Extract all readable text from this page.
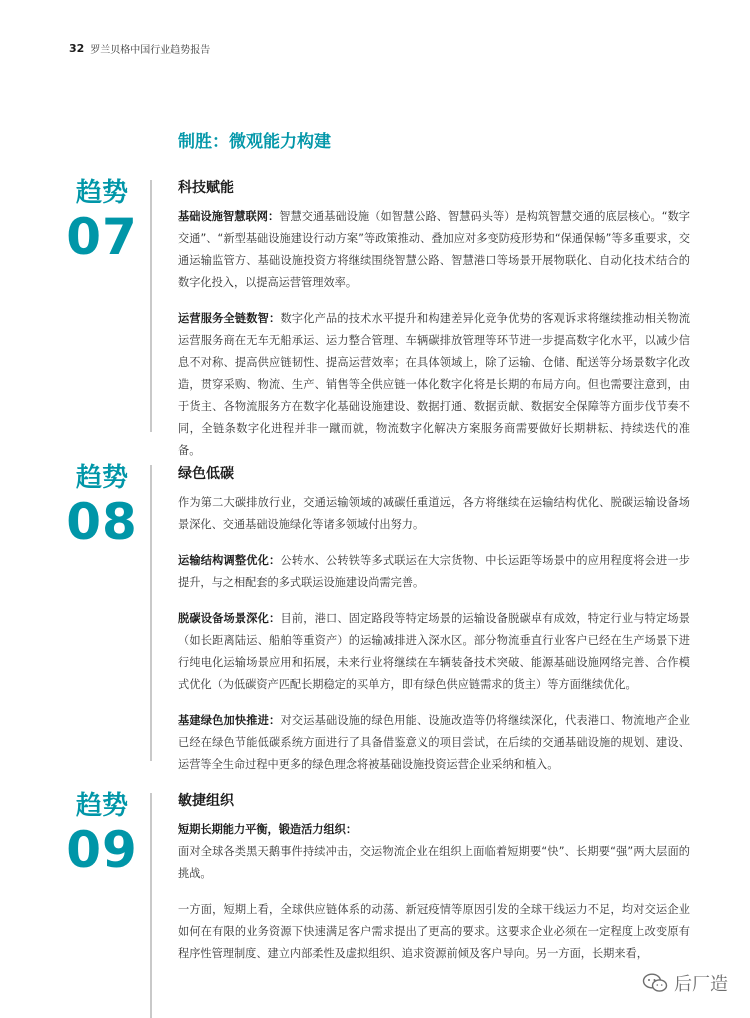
32 罗兰贝格中国行业趋势报告
制胜：微观能力构建
趋势
07
科技赋能

基础设施智慧联网：智慧交通基础设施（如智慧公路、智慧码头等）是构筑智慧交通的底层核心。“数字交通”、“新型基础设施建设行动方案”等政策推动、叠加应对多变防疫形势和“保通保畅”等多重要求，交通运输监管方、基础设施投资方将继续围绕智慧公路、智慧港口等场景开展物联化、自动化技术结合的数字化投入，以提高运营管理效率。

运营服务全链数智：数字化产品的技术水平提升和构建差异化竞争优势的客观诉求将继续推动相关物流运营服务商在无车无船承运、运力整合管理、车辆碳排放管理等环节进一步提高数字化水平，以减少信息不对称、提高供应链韧性、提高运营效率；在具体领域上，除了运输、仓储、配送等分场景数字化改造，贯穿采购、物流、生产、销售等全供应链一体化数字化将是长期的布局方向。但也需要注意到，由于货主、各物流服务方在数字化基础设施建设、数据打通、数据贡献、数据安全保障等方面步伐节奏不同，全链条数字化进程并非一蹴而就，物流数字化解决方案服务商需要做好长期耕耘、持续迭代的准备。

趋势
08
绿色低碳

作为第二大碳排放行业，交通运输领域的减碳任重道远，各方将继续在运输结构优化、脱碳运输设备场景深化、交通基础设施绿化等诸多领域付出努力。

运输结构调整优化：公转水、公转铁等多式联运在大宗货物、中长运距等场景中的应用程度将会进一步提升，与之相配套的多式联运设施建设尚需完善。

脱碳设备场景深化：目前，港口、固定路段等特定场景的运输设备脱碳卓有成效，特定行业与特定场景（如长距离陆运、船舶等重资产）的运输减排进入深水区。部分物流垂直行业客户已经在生产场景下进行纯电化运输场景应用和拓展，未来行业将继续在车辆装备技术突破、能源基础设施网络完善、合作模式优化（为低碳资产匹配长期稳定的买单方，即有绿色供应链需求的货主）等方面继续优化。

基建绿色加快推进：对交运基础设施的绿色用能、设施改造等仍将继续深化，代表港口、物流地产企业已经在绿色节能低碳系统方面进行了具备借鉴意义的项目尝试，在后续的交通基础设施的规划、建设、运营等全生命过程中更多的绿色理念将被基础设施投资运营企业采纳和植入。

趋势
09
敏捷组织

短期长期能力平衡，锻造活力组织：

面对全球各类黑天鹅事件持续冲击，交运物流企业在组织上面临着短期要“快”、长期要“强”两大层面的挑战。

一方面，短期上看，全球供应链体系的动荡、新冠疫情等原因引发的全球干线运力不足，均对交运企业如何在有限的业务资源下快速满足客户需求提出了更高的要求。这要求企业必须在一定程度上改变原有程序性管理制度、建立内部柔性及虚拟组织、追求资源前倾及客户导向。另一方面，长期来看，

后厂造
